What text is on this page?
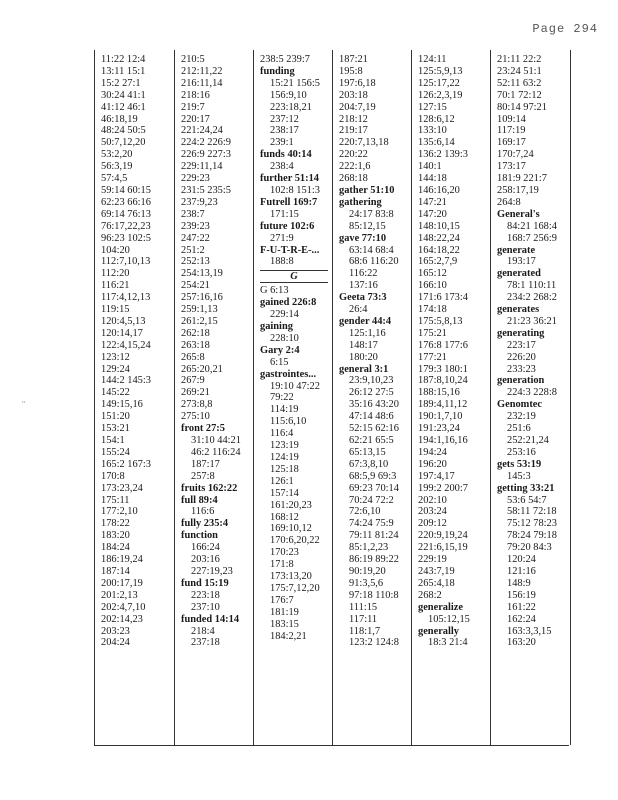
Page 294
¨
11:22 12:4
13:11 15:1
15:2 27:1
30:24 41:1
41:12 46:1
46:18,19
48:24 50:5
50:7,12,20
53:2,20
56:3,19
57:4,5
59:14 60:15
62:23 66:16
69:14 76:13
76:17,22,23
96:23 102:5
104:20
112:7,10,13
112:20
116:21
117:4,12,13
119:15
120:4,5,13
120:14,17
122:4,15,24
123:12
129:24
144:2 145:3
145:22
149:15,16
151:20
153:21
154:1
155:24
165:2 167:3
170:8
173:23,24
175:11
177:2,10
178:22
183:20
184:24
186:19,24
187:14
200:17,19
201:2,13
202:4,7,10
202:14,23
203:23
204:24
210:5
212:11,22
216:11,14
218:16
219:7
220:17
221:24,24
224:2 226:9
226:9 227:3
229:11,14
229:23
231:5 235:5
237:9,23
238:7
239:23
247:22
251:2
252:13
254:13,19
254:21
257:16,16
259:1,13
261:2,15
262:18
263:18
265:8
265:20,21
267:9
269:21
273:8,8
275:10
front 27:5
31:10 44:21
46:2 116:24
187:17
257:8
fruits 162:22
full 89:4
116:6
fully 235:4
function
166:24
203:16
227:19,23
fund 15:19
223:18
237:10
funded 14:14
218:4
237:18
238:5 239:7
funding
15:21 156:5
156:9,10
223:18,21
237:12
238:17
239:1
funds 40:14
238:4
further 51:14
102:8 151:3
Futrell 169:7
171:15
future 102:6
271:9
F-U-T-R-E-...
188:8
G
G 6:13
gained 226:8
229:14
gaining
228:10
Gary 2:4
6:15
gastrointes...
19:10 47:22
79:22
114:19
115:6,10
116:4
123:19
124:19
125:18
126:1
157:14
161:20,23
168:12
169:10,12
170:6,20,22
170:23
171:8
173:13,20
175:7,12,20
176:7
181:19
183:15
184:2,21
187:21
195:8
197:6,18
203:18
204:7,19
218:12
219:17
220:7,13,18
220:22
222:1,6
268:18
gather 51:10
gathering
24:17 83:8
85:12,15
gave 77:10
63:14 68:4
68:6 116:20
116:22
137:16
Geeta 73:3
26:4
gender 44:4
125:1,16
148:17
180:20
general 3:1
23:9,10,23
26:12 27:5
35:16 43:20
47:14 48:6
52:15 62:16
62:21 65:5
65:13,15
67:3,8,10
68:5,9 69:3
69:23 70:14
70:24 72:2
72:6,10
74:24 75:9
79:11 81:24
85:1,2,23
86:19 89:22
90:19,20
91:3,5,6
97:18 110:8
111:15
117:11
118:1,7
123:2 124:8
124:11
125:5,9,13
125:17,22
126:2,3,19
127:15
128:6,12
133:10
135:6,14
136:2 139:3
140:1
144:18
146:16,20
147:21
147:20
148:10,15
148:22,24
164:18,22
165:2,7,9
165:12
166:10
171:6 173:4
174:18
175:5,8,13
175:21
176:8 177:6
177:21
179:3 180:1
187:8,10,24
188:15,16
189:4,11,12
190:1,7,10
191:23,24
194:1,16,16
194:24
196:20
197:4,17
199:2 200:7
202:10
203:24
209:12
220:9,19,24
221:6,15,19
229:19
243:7,19
265:4,18
268:2
generalize
105:12,15
generally
18:3 21:4
21:11 22:2
23:24 51:1
52:11 63:2
70:1 72:12
80:14 97:21
109:14
117:19
169:17
170:7,24
173:17
181:9 221:7
258:17,19
264:8
General's
84:21 168:4
168:7 256:9
generate
193:17
generated
78:1 110:11
234:2 268:2
generates
21:23 36:21
generating
223:17
226:20
233:23
generation
224:3 228:8
Genomtec
232:19
251:6
252:21,24
253:16
gets 53:19
145:3
getting 33:21
53:6 54:7
58:11 72:18
75:12 78:23
78:24 79:18
79:20 84:3
120:24
121:16
148:9
156:19
161:22
162:24
163:3,3,15
163:20
